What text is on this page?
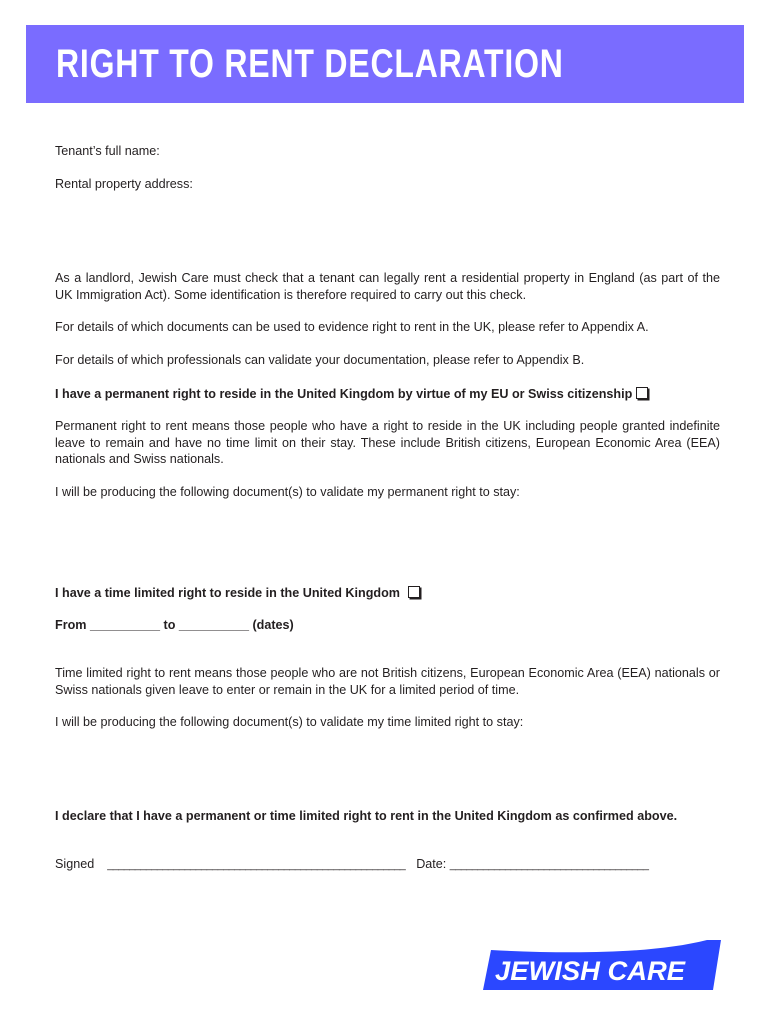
RIGHT TO RENT DECLARATION

Tenant’s full name:

Rental property address:

As a landlord, Jewish Care must check that a tenant can legally rent a residential property in England (as part of the UK Immigration Act). Some identification is therefore required to carry out this check.

For details of which documents can be used to evidence right to rent in the UK, please refer to Appendix A.

For details of which professionals can validate your documentation, please refer to Appendix B.

I have a permanent right to reside in the United Kingdom by virtue of my EU or Swiss citizenship

Permanent right to rent means those people who have a right to reside in the UK including people granted indefinite leave to remain and have no time limit on their stay. These include British citizens, European Economic Area (EEA) nationals and Swiss nationals.

I will be producing the following document(s) to validate my permanent right to stay:

I have a time limited right to reside in the United Kingdom

From __________ to __________ (dates)

Time limited right to rent means those people who are not British citizens, European Economic Area (EEA) nationals or Swiss nationals given leave to enter or remain in the UK for a limited period of time.

I will be producing the following document(s) to validate my time limited right to stay:

I declare that I have a permanent or time limited right to rent in the United Kingdom as confirmed above.

Signed ______________________________________________________ Date: ____________________________________

JEWISH CARE
